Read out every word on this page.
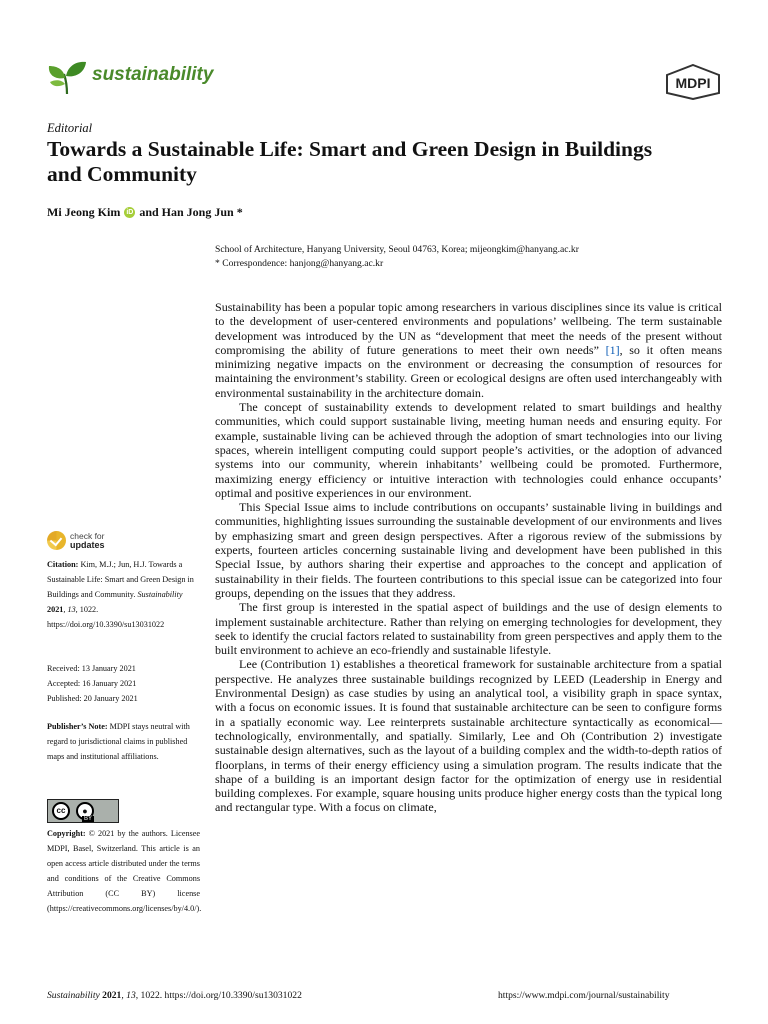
sustainability	MDPI
Editorial
Towards a Sustainable Life: Smart and Green Design in Buildings and Community
Mi Jeong Kim iD and Han Jong Jun *
School of Architecture, Hanyang University, Seoul 04763, Korea; mijeongkim@hanyang.ac.kr
* Correspondence: hanjong@hanyang.ac.kr

Sustainability has been a popular topic among researchers in various disciplines since its value is critical to the development of user-centered environments and populations’ wellbeing. The term sustainable development was introduced by the UN as “development that meet the needs of the present without compromising the ability of future generations to meet their own needs” [1], so it often means minimizing negative impacts on the environment or decreasing the consumption of resources for maintaining the environment’s stability. Green or ecological designs are often used interchangeably with environmental sustainability in the architecture domain.

The concept of sustainability extends to development related to smart buildings and healthy communities, which could support sustainable living, meeting human needs and ensuring equity. For example, sustainable living can be achieved through the adoption of smart technologies into our living spaces, wherein intelligent computing could support people’s activities, or the adoption of advanced systems into our community, wherein inhabitants’ wellbeing could be promoted. Furthermore, maximizing energy efficiency or intuitive interaction with technologies could enhance occupants’ optimal and positive experiences in our environment.

This Special Issue aims to include contributions on occupants’ sustainable living in buildings and communities, highlighting issues surrounding the sustainable development of our environments and lives by emphasizing smart and green design perspectives. After a rigorous review of the submissions by experts, fourteen articles concerning sustainable living and development have been published in this Special Issue, by authors sharing their expertise and approaches to the concept and application of sustainability in their fields. The fourteen contributions to this special issue can be categorized into four groups, depending on the issues that they address.

The first group is interested in the spatial aspect of buildings and the use of design elements to implement sustainable architecture. Rather than relying on emerging technologies for development, they seek to identify the crucial factors related to sustainability from green perspectives and apply them to the built environment to achieve an eco-friendly and sustainable lifestyle.

Lee (Contribution 1) establishes a theoretical framework for sustainable architecture from a spatial perspective. He analyzes three sustainable buildings recognized by LEED (Leadership in Energy and Environmental Design) as case studies by using an analytical tool, a visibility graph in space syntax, with a focus on economic issues. It is found that sustainable architecture can be seen to configure forms in a spatially economic way. Lee reinterprets sustainable architecture syntactically as economical—technologically, environmentally, and spatially. Similarly, Lee and Oh (Contribution 2) investigate sustainable design alternatives, such as the layout of a building complex and the width-to-depth ratios of floorplans, in terms of their energy efficiency using a simulation program. The results indicate that the shape of a building is an important design factor for the optimization of energy use in residential building complexes. For example, square housing units produce higher energy costs than the typical long and rectangular type. With a focus on climate,

check for
updates
Citation: Kim, M.J.; Jun, H.J. Towards a Sustainable Life: Smart and Green Design in Buildings and Community. Sustainability 2021, 13, 1022. https://doi.org/10.3390/su13031022
Received: 13 January 2021
Accepted: 16 January 2021
Published: 20 January 2021
Publisher’s Note: MDPI stays neutral with regard to jurisdictional claims in published maps and institutional affiliations.
cc	●
BY
Copyright: © 2021 by the authors. Licensee MDPI, Basel, Switzerland. This article is an open access article distributed under the terms and conditions of the Creative Commons Attribution (CC BY) license (https://creativecommons.org/licenses/by/4.0/).
Sustainability 2021, 13, 1022. https://doi.org/10.3390/su13031022	https://www.mdpi.com/journal/sustainability
